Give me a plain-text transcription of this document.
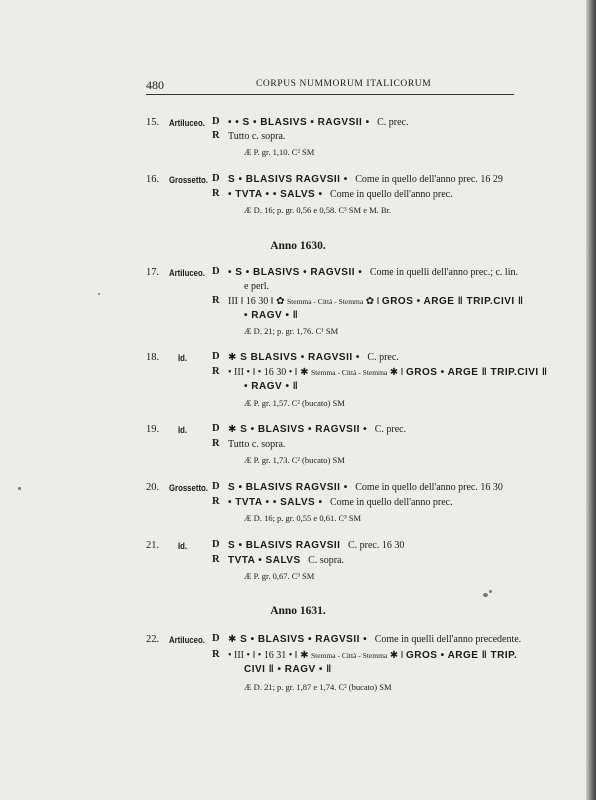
480	CORPUS NUMMORUM ITALICORUM
15. Artiluceo. D • • S • BLASIVS • RAGVSII • C. prec.
R Tutto c. sopra.
Æ P. gr. 1,10. C² SM
16. Grossetto. D S • BLASIVS RAGVSII • Come in quello dell'anno prec. 16 29
R • TVTA • • SALVS • Come in quello dell'anno prec.
Æ D. 16; p. gr. 0,56 e 0,58. C³ SM e M. Br.
Anno 1630.
17. Artiluceo. D • S • BLASIVS • RAGVSII • Come in quelli dell'anno prec.; c. lin.
e perl.
R III ‖ 16 30 ‖ ✿ Stemma - Città - Stemma ✿ ‖ GROS • ARGE ‖ TRIP.CIVI ‖
• RAGV • ‖
Æ D. 21; p. gr. 1,76. C¹ SM
18. Id. D ✱ S BLASIVS • RAGVSII • C. prec.
R • III • ‖ • 16 30 • ‖ ✱ Stemma - Città - Stemma ✱ ‖ GROS • ARGE ‖ TRIP.CIVI ‖
• RAGV • ‖
Æ P. gr. 1,57. C² (bucato) SM
19. Id. D ✱ S • BLASIVS • RAGVSII • C. prec.
R Tutto c. sopra.
Æ P. gr. 1,73. C² (bucato) SM
20. Grossetto. D S • BLASIVS RAGVSII • Come in quello dell'anno prec. 16 30
R • TVTA • • SALVS • Come in quello dell'anno prec.
Æ D. 16; p. gr. 0,55 e 0,61. C³ SM
21. Id. D S • BLASIVS RAGVSII C. prec. 16 30
R TVTA • SALVS C. sopra.
Æ P. gr. 0,67. C³ SM
Anno 1631.
22. Artiluceo. D ✱ S • BLASIVS • RAGVSII • Come in quelli dell'anno precedente.
R • III • ‖ • 16 31 • ‖ ✱ Stemma - Città - Stemma ✱ ‖ GROS • ARGE ‖ TRIP.
CIVI ‖ • RAGV • ‖
Æ D. 21; p. gr. 1,87 e 1,74. C² (bucato) SM
